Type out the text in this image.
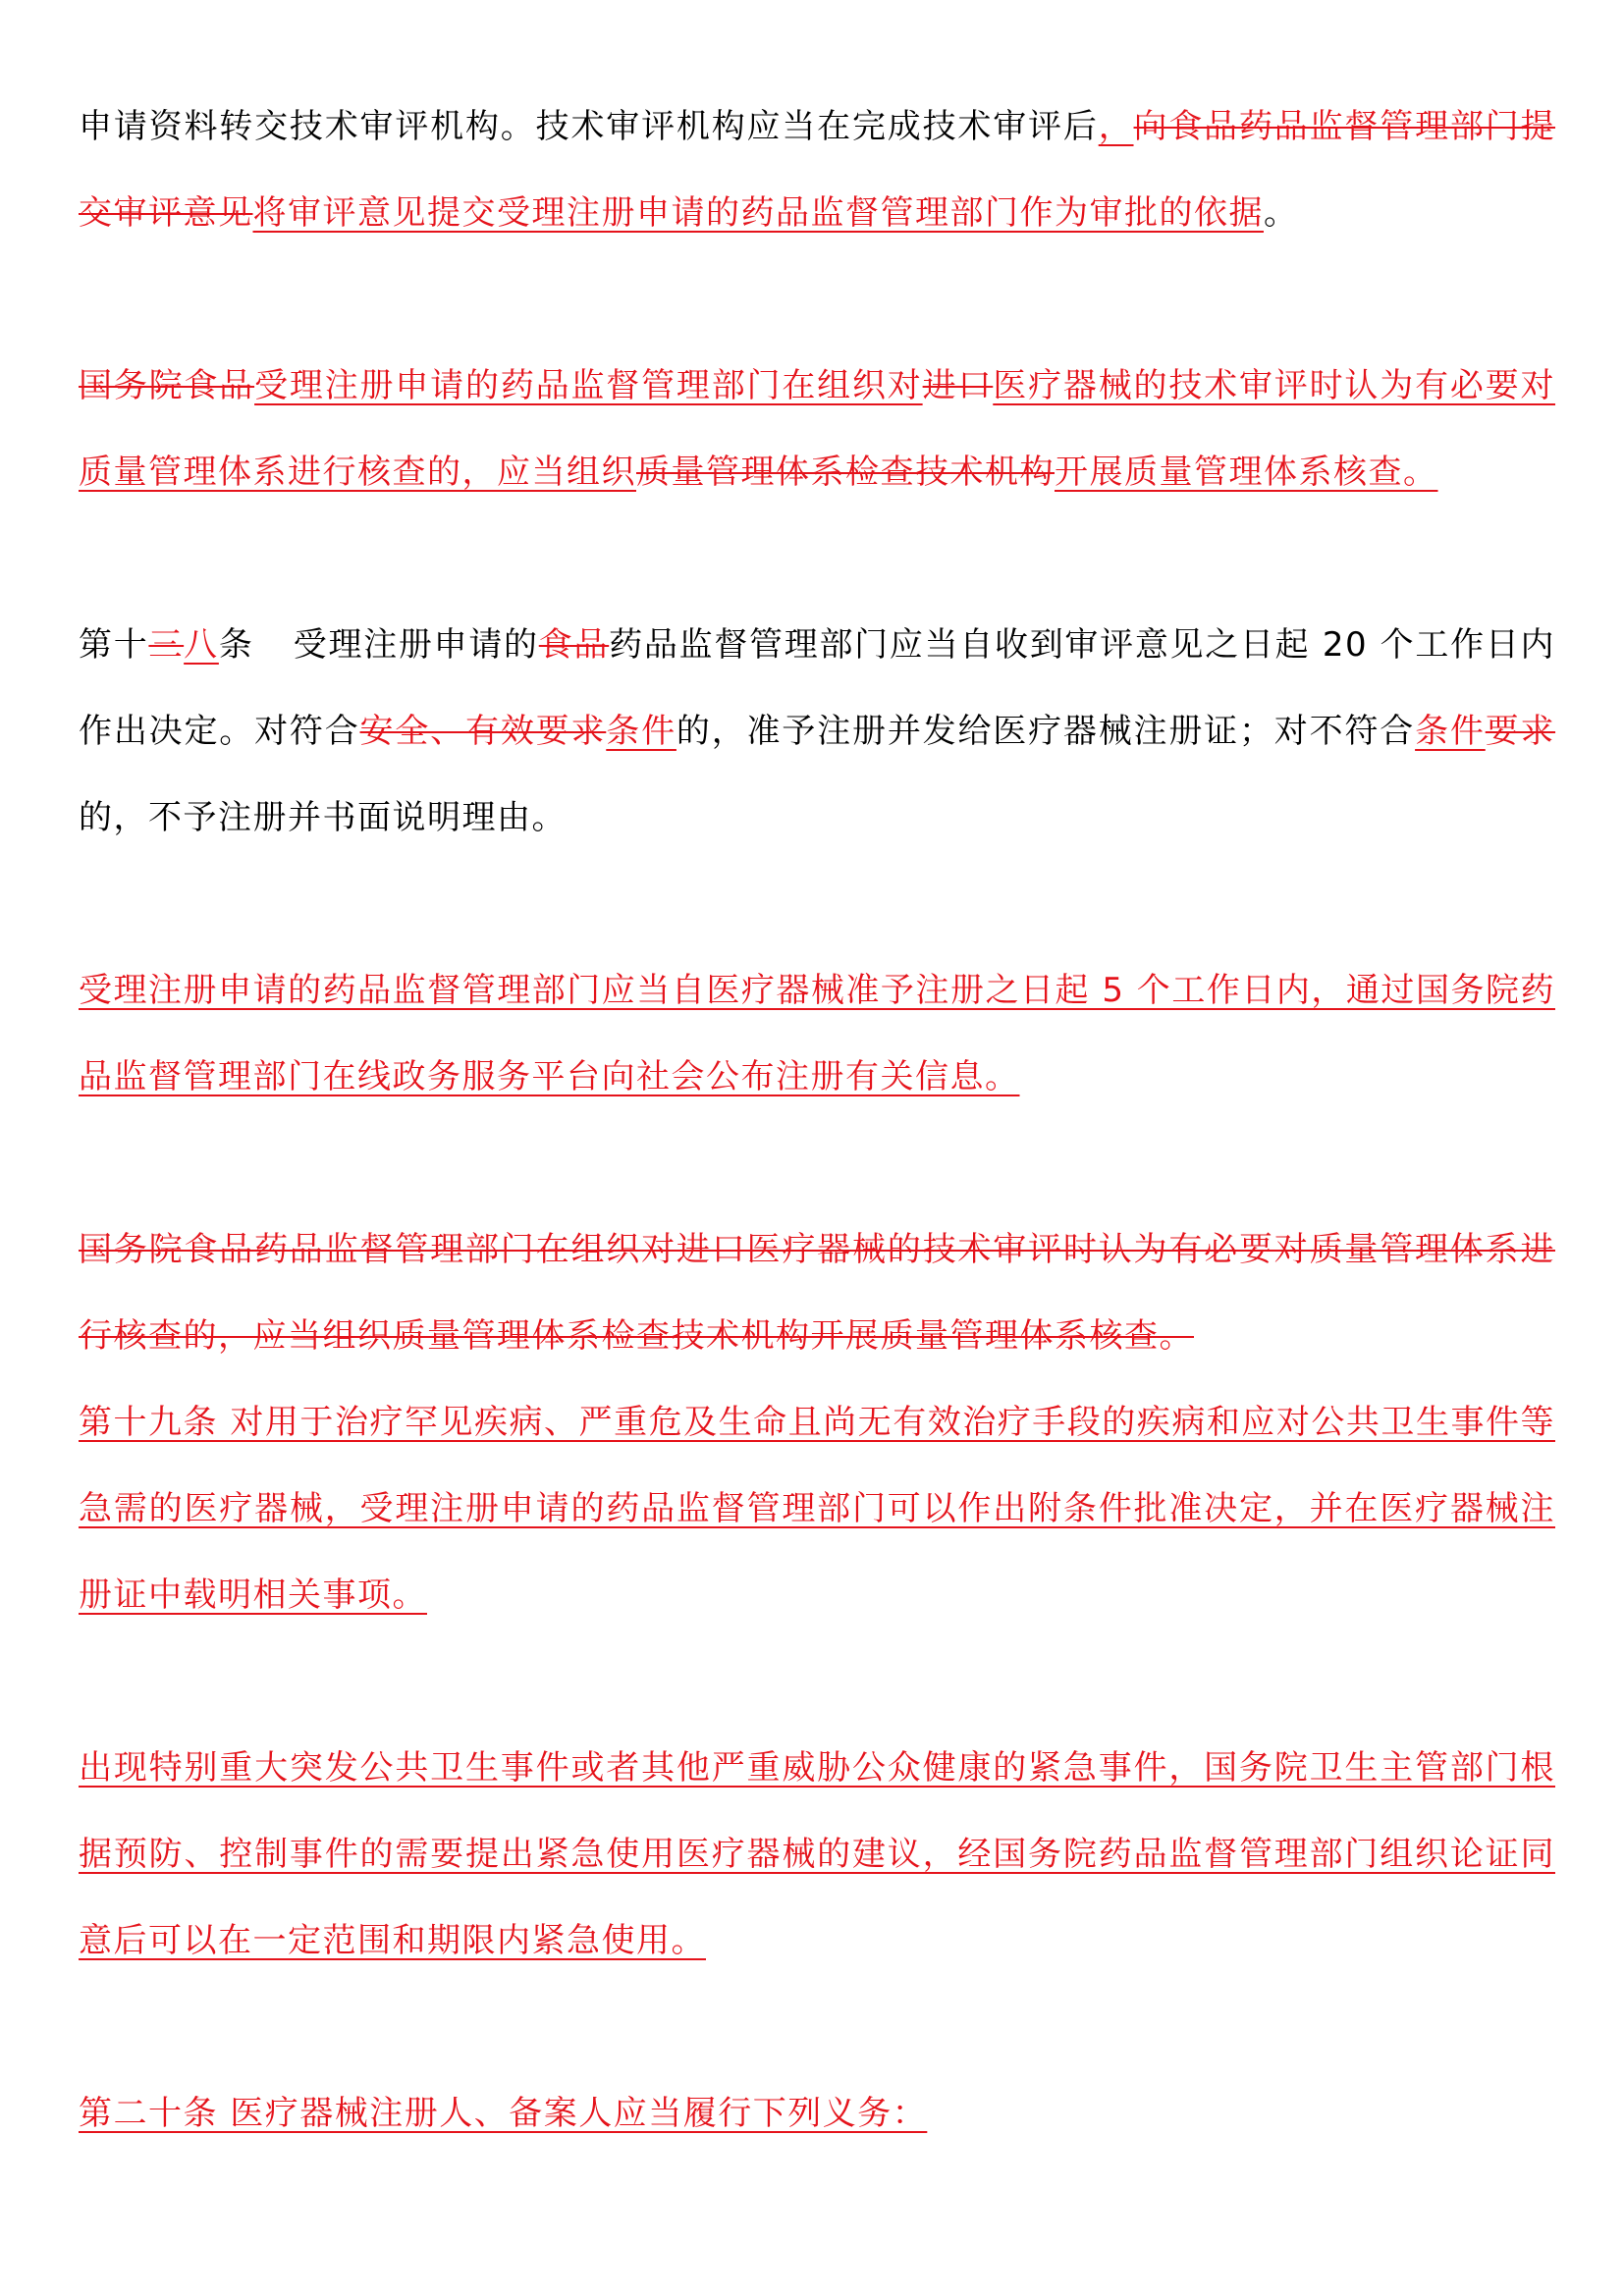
申请资料转交技术审评机构。技术审评机构应当在完成技术审评后，向食品药品监督管理部门提交审评意见将审评意见提交受理注册申请的药品监督管理部门作为审批的依据。

国务院食品受理注册申请的药品监督管理部门在组织对进口医疗器械的技术审评时认为有必要对质量管理体系进行核查的，应当组织质量管理体系检查技术机构开展质量管理体系核查。

第十三八条 受理注册申请的食品药品监督管理部门应当自收到审评意见之日起 20 个工作日内作出决定。对符合安全、有效要求条件的，准予注册并发给医疗器械注册证；对不符合条件要求的，不予注册并书面说明理由。

受理注册申请的药品监督管理部门应当自医疗器械准予注册之日起 5 个工作日内，通过国务院药品监督管理部门在线政务服务平台向社会公布注册有关信息。

国务院食品药品监督管理部门在组织对进口医疗器械的技术审评时认为有必要对质量管理体系进行核查的，应当组织质量管理体系检查技术机构开展质量管理体系核查。

第十九条 对用于治疗罕见疾病、严重危及生命且尚无有效治疗手段的疾病和应对公共卫生事件等急需的医疗器械，受理注册申请的药品监督管理部门可以作出附条件批准决定，并在医疗器械注册证中载明相关事项。

出现特别重大突发公共卫生事件或者其他严重威胁公众健康的紧急事件，国务院卫生主管部门根据预防、控制事件的需要提出紧急使用医疗器械的建议，经国务院药品监督管理部门组织论证同意后可以在一定范围和期限内紧急使用。

第二十条 医疗器械注册人、备案人应当履行下列义务：
